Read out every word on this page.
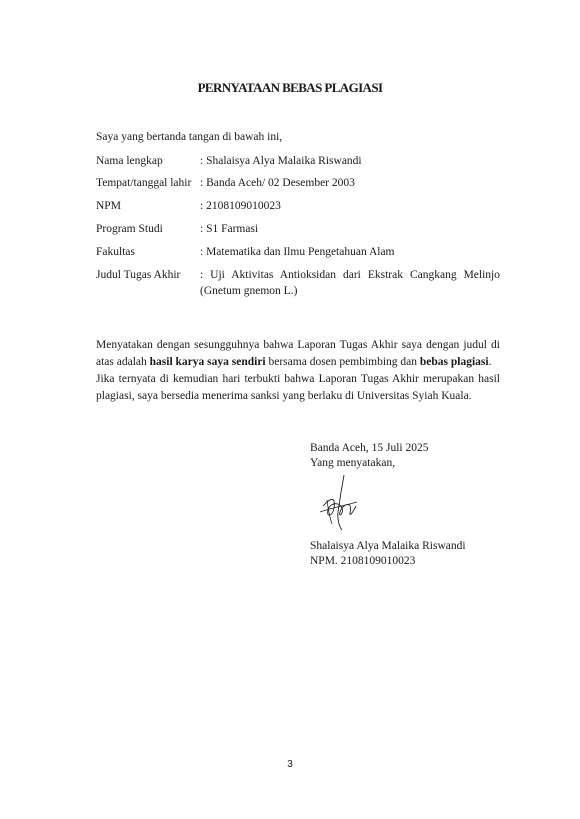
PERNYATAAN BEBAS PLAGIASI
Saya yang bertanda tangan di bawah ini,
Nama lengkap	: Shalaisya Alya Malaika Riswandi
Tempat/tanggal lahir : Banda Aceh/ 02 Desember 2003
NPM	: 2108109010023
Program Studi	: S1 Farmasi
Fakultas	: Matematika dan Ilmu Pengetahuan Alam
Judul Tugas Akhir : Uji Aktivitas Antioksidan dari Ekstrak Cangkang Melinjo (Gnetum gnemon L.)
Menyatakan dengan sesungguhnya bahwa Laporan Tugas Akhir saya dengan judul di atas adalah hasil karya saya sendiri bersama dosen pembimbing dan bebas plagiasi.
Jika ternyata di kemudian hari terbukti bahwa Laporan Tugas Akhir merupakan hasil plagiasi, saya bersedia menerima sanksi yang berlaku di Universitas Syiah Kuala.
Banda Aceh, 15 Juli 2025
Yang menyatakan,
Shalaisya Alya Malaika Riswandi
NPM. 2108109010023
3
